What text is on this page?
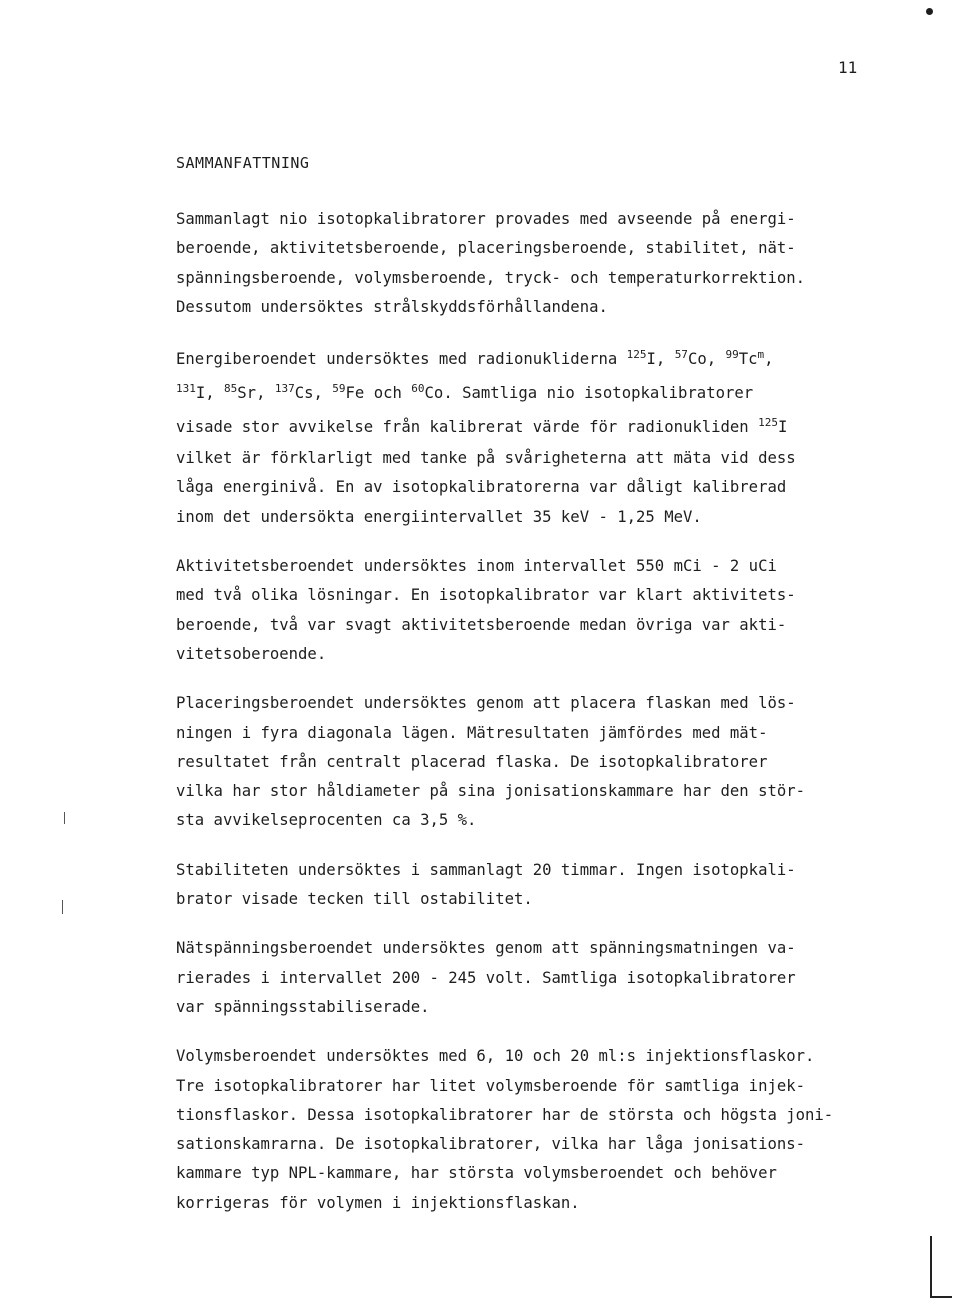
11
SAMMANFATTNING

Sammanlagt nio isotopkalibratorer provades med avseende på energi-
beroende, aktivitetsberoende, placeringsberoende, stabilitet, nät-
spänningsberoende, volymsberoende, tryck- och temperaturkorrektion.
Dessutom undersöktes strålskyddsförhållandena.

Energiberoendet undersöktes med radionukliderna $^{125}$I, $^{57}$Co, $^{99}$Tc$^m$,
$^{131}$I, $^{85}$Sr, $^{137}$Cs, $^{59}$Fe och $^{60}$Co. Samtliga nio isotopkalibratorer
visade stor avvikelse från kalibrerat värde för radionukliden $^{125}$I
vilket är förklarligt med tanke på svårigheterna att mäta vid dess
låga energinivå. En av isotopkalibratorerna var dåligt kalibrerad
inom det undersökta energiintervallet 35 keV - 1,25 MeV.

Aktivitetsberoendet undersöktes inom intervallet 550 mCi - 2 uCi
med två olika lösningar. En isotopkalibrator var klart aktivitets-
beroende, två var svagt aktivitetsberoende medan övriga var akti-
vitetsoberoende.

Placeringsberoendet undersöktes genom att placera flaskan med lös-
ningen i fyra diagonala lägen. Mätresultaten jämfördes med mät-
resultatet från centralt placerad flaska. De isotopkalibratorer
vilka har stor håldiameter på sina jonisationskammare har den stör-
sta avvikelseprocenten ca 3,5 %.

Stabiliteten undersöktes i sammanlagt 20 timmar. Ingen isotopkali-
brator visade tecken till ostabilitet.

Nätspänningsberoendet undersöktes genom att spänningsmatningen va-
rierades i intervallet 200 - 245 volt. Samtliga isotopkalibratorer
var spänningsstabiliserade.

Volymsberoendet undersöktes med 6, 10 och 20 ml:s injektionsflaskor.
Tre isotopkalibratorer har litet volymsberoende för samtliga injek-
tionsflaskor. Dessa isotopkalibratorer har de största och högsta joni-
sationskamrarna. De isotopkalibratorer, vilka har låga jonisations-
kammare typ NPL-kammare, har största volymsberoendet och behöver
korrigeras för volymen i injektionsflaskan.
